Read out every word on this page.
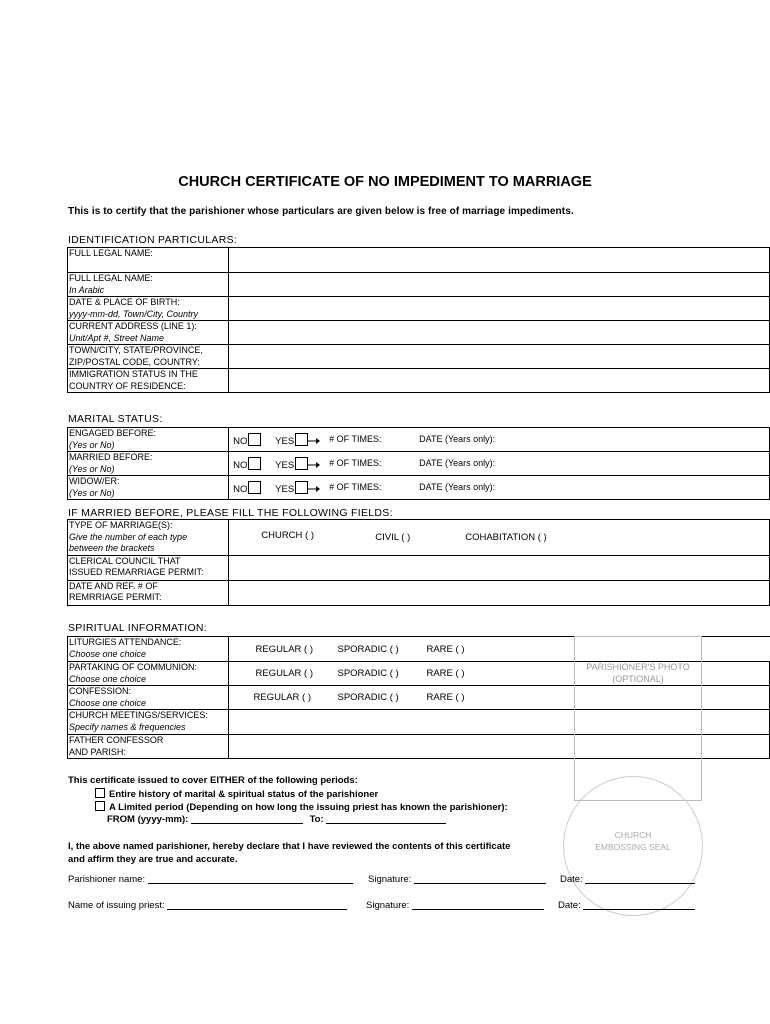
CHURCH CERTIFICATE OF NO IMPEDIMENT TO MARRIAGE
This is to certify that the parishioner whose particulars are given below is free of marriage impediments.
IDENTIFICATION PARTICULARS:
FULL LEGAL NAME:	
FULL LEGAL NAME:
In Arabic	
DATE & PLACE OF BIRTH:
yyyy-mm-dd, Town/City, Country	
CURRENT ADDRESS (LINE 1):
Unit/Apt #, Street Name	
TOWN/CITY, STATE/PROVINCE,
ZIP/POSTAL CODE, COUNTRY:	
IMMIGRATION STATUS IN THE
COUNTRY OF RESIDENCE:	
MARITAL STATUS:
ENGAGED BEFORE:
(Yes or No)	NO YES # OF TIMES: DATE (Years only):

MARRIED BEFORE:
(Yes or No)	NO YES # OF TIMES: DATE (Years only):

WIDOW/ER:
(Yes or No)	NO YES # OF TIMES: DATE (Years only):
IF MARRIED BEFORE, PLEASE FILL THE FOLLOWING FIELDS:
TYPE OF MARRIAGE(S):
Give the number of each type
between the brackets	CHURCH ( ) CIVIL ( ) COHABITATION ( )

CLERICAL COUNCIL THAT
ISSUED REMARRIAGE PERMIT:	
DATE AND REF. # OF
REMRRIAGE PERMIT:	
SPIRITUAL INFORMATION:
LITURGIES ATTENDANCE:
Choose one choice	REGULAR ( ) SPORADIC ( ) RARE ( )

PARTAKING OF COMMUNION:
Choose one choice	REGULAR ( ) SPORADIC ( ) RARE ( )

CONFESSION:
Choose one choice	REGULAR ( ) SPORADIC ( ) RARE ( )

CHURCH MEETINGS/SERVICES:
Specify names & frequencies	
FATHER CONFESSOR
AND PARISH:	
PARISHIONER'S PHOTO
(OPTIONAL)
CHURCH
EMBOSSING SEAL
This certificate issued to cover EITHER of the following periods:
Entire history of marital & spiritual status of the parishioner
A Limited period (Depending on how long the issuing priest has known the parishioner):
FROM (yyyy-mm):	To:
I, the above named parishioner, hereby declare that I have reviewed the contents of this certificate
and affirm they are true and accurate.
Parishioner name:	Signature:	Date:
Name of issuing priest:	Signature:	Date:
